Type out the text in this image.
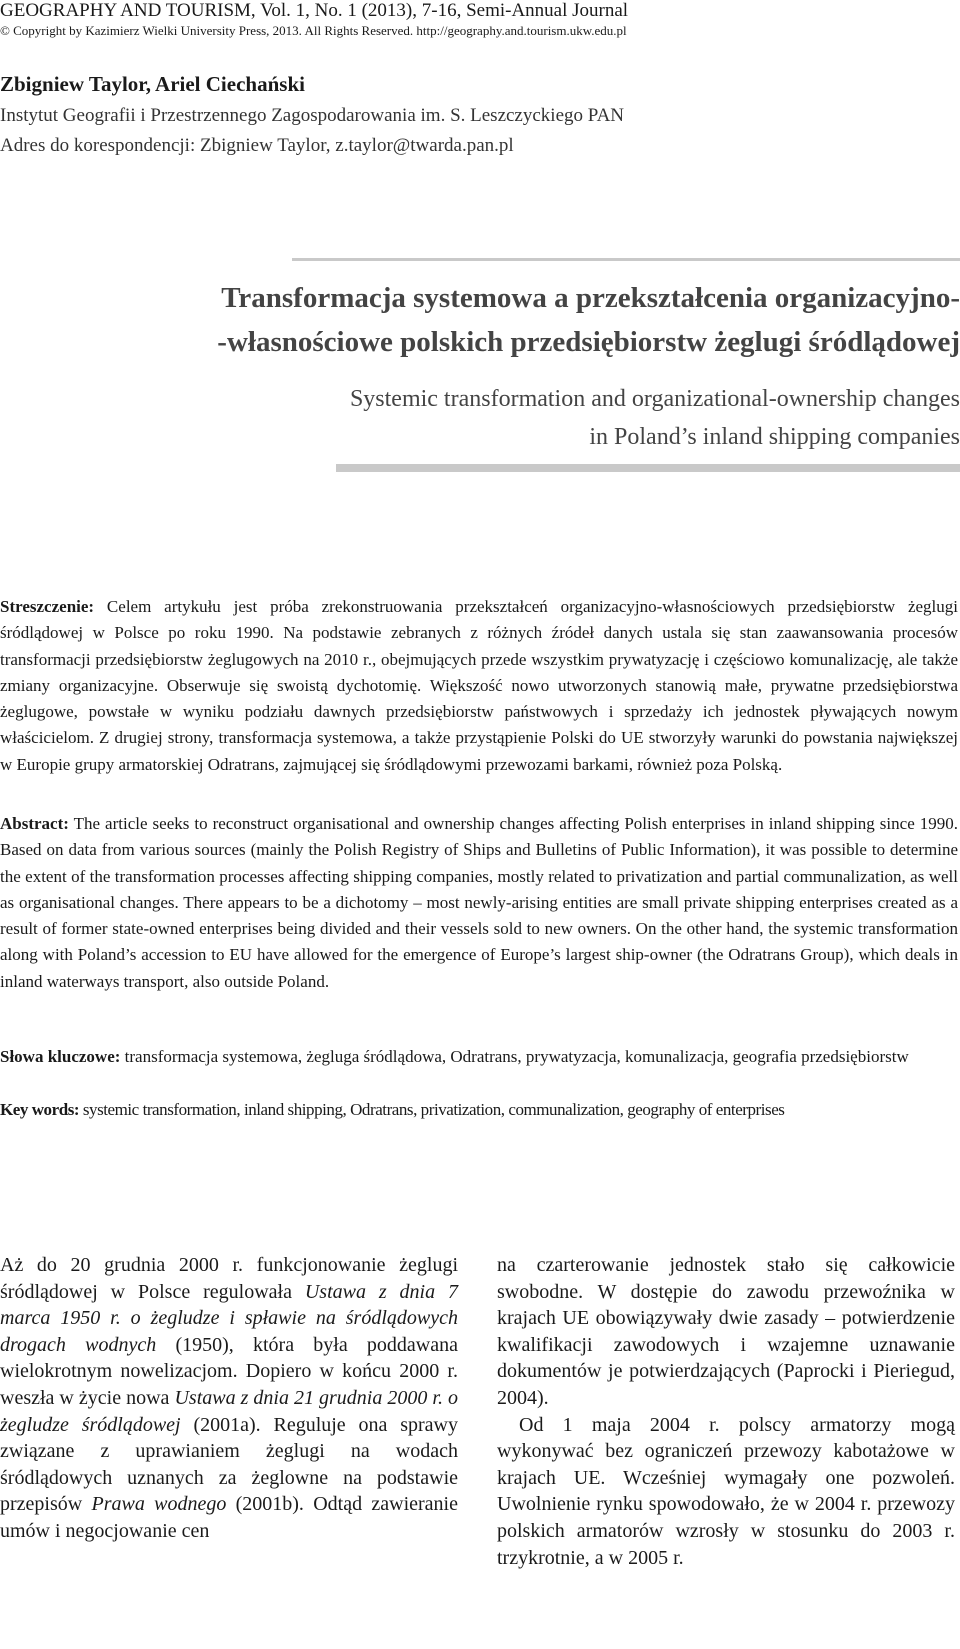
GEOGRAPHY AND TOURISM, Vol. 1, No. 1 (2013), 7-16, Semi-Annual Journal
© Copyright by Kazimierz Wielki University Press, 2013. All Rights Reserved. http://geography.and.tourism.ukw.edu.pl
Zbigniew Taylor, Ariel Ciechański
Instytut Geografii i Przestrzennego Zagospodarowania im. S. Leszczyckiego PAN
Adres do korespondencji: Zbigniew Taylor, z.taylor@twarda.pan.pl
Transformacja systemowa a przekształcenia organizacyjno-
-własnościowe polskich przedsiębiorstw żeglugi śródlądowej
Systemic transformation and organizational-ownership changes
in Poland’s inland shipping companies
Streszczenie: Celem artykułu jest próba zrekonstruowania przekształceń organizacyjno-własnościowych przedsiębiorstw żeglugi śródlądowej w Polsce po roku 1990. Na podstawie zebranych z różnych źródeł danych ustala się stan zaawansowania procesów transformacji przedsiębiorstw żeglugowych na 2010 r., obejmujących przede wszystkim prywatyzację i częściowo komunalizację, ale także zmiany organizacyjne. Obserwuje się swoistą dychotomię. Większość nowo utworzonych stanowią małe, prywatne przedsiębiorstwa żeglugowe, powstałe w wyniku podziału dawnych przedsiębiorstw państwowych i sprzedaży ich jednostek pływających nowym właścicielom. Z drugiej strony, transformacja systemowa, a także przystąpienie Polski do UE stworzyły warunki do powstania największej w Europie grupy armatorskiej Odratrans, zajmującej się śródlądowymi przewozami barkami, również poza Polską.
Abstract: The article seeks to reconstruct organisational and ownership changes affecting Polish enterprises in inland shipping since 1990. Based on data from various sources (mainly the Polish Registry of Ships and Bulletins of Public Information), it was possible to determine the extent of the transformation processes affecting shipping companies, mostly related to privatization and partial communalization, as well as organisational changes. There appears to be a dichotomy – most newly-arising entities are small private shipping enterprises created as a result of former state-owned enterprises being divided and their vessels sold to new owners. On the other hand, the systemic transformation along with Poland’s accession to EU have allowed for the emergence of Europe’s largest ship-owner (the Odratrans Group), which deals in inland waterways transport, also outside Poland.
Słowa kluczowe: transformacja systemowa, żegluga śródlądowa, Odratrans, prywatyzacja, komunalizacja, geografia przedsiębiorstw
Key words: systemic transformation, inland shipping, Odratrans, privatization, communalization, geography of enterprises

Aż do 20 grudnia 2000 r. funkcjonowanie żeglugi śródlądowej w Polsce regulowała Ustawa z dnia 7 marca 1950 r. o żegludze i spławie na śródlądowych drogach wodnych (1950), która była poddawana wielokrotnym nowelizacjom. Dopiero w końcu 2000 r. weszła w życie nowa Ustawa z dnia 21 grudnia 2000 r. o żegludze śródlądowej (2001a). Reguluje ona sprawy związane z uprawianiem żeglugi na wodach śródlądowych uznanych za żeglowne na podstawie przepisów Prawa wodnego (2001b). Odtąd zawieranie umów i negocjowanie cen

na czarterowanie jednostek stało się całkowicie swobodne. W dostępie do zawodu przewoźnika w krajach UE obowiązywały dwie zasady – potwierdzenie kwalifikacji zawodowych i wzajemne uznawanie dokumentów je potwierdzających (Paprocki i Pieriegud, 2004).

Od 1 maja 2004 r. polscy armatorzy mogą wykonywać bez ograniczeń przewozy kabotażowe w krajach UE. Wcześniej wymagały one pozwoleń. Uwolnienie rynku spowodowało, że w 2004 r. przewozy polskich armatorów wzrosły w stosunku do 2003 r. trzykrotnie, a w 2005 r.
